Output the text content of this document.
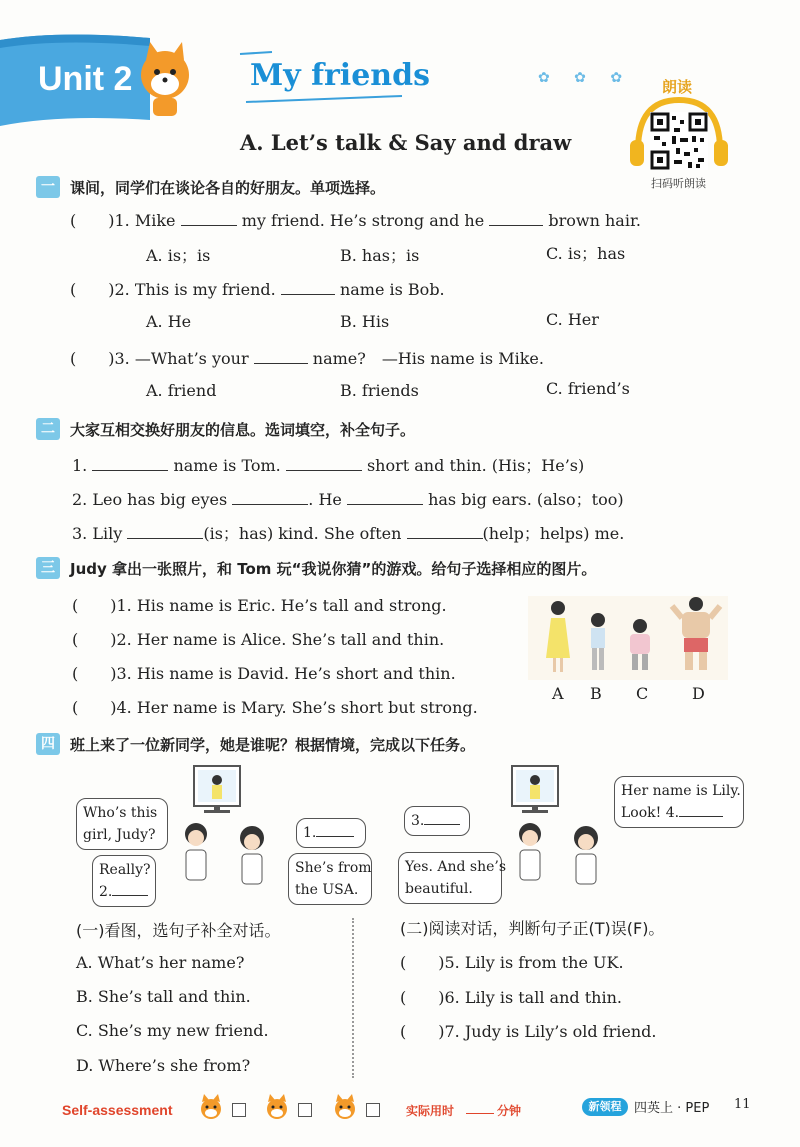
Unit 2	My friends	✿ ✿ ✿
A. Let’s talk & Say and draw
朗读
扫码听朗读
一	课间，同学们在谈论各自的好朋友。单项选择。
(　　)1. Mike	my friend. He’s strong and he	brown hair.
A. is；is	B. has；is	C. is；has
(　　)2. This is my friend.	name is Bob.
A. He	B. His	C. Her
(　　)3. —What’s your	name?　—His name is Mike.
A. friend	B. friends	C. friend’s
二	大家互相交换好朋友的信息。选词填空，补全句子。
1.	name is Tom.	short and thin. (His；He’s)
2. Leo has big eyes	. He	has big ears. (also；too)
3. Lily	(is；has) kind. She often	(help；helps) me.
三	Judy 拿出一张照片，和 Tom 玩“我说你猜”的游戏。给句子选择相应的图片。
(　　)1. His name is Eric. He’s tall and strong.
(　　)2. Her name is Alice. She’s tall and thin.
(　　)3. His name is David. He’s short and thin.
(　　)4. Her name is Mary. She’s short but strong.
A B C	D
四	班上来了一位新同学，她是谁呢？根据情境，完成以下任务。
Who’s this
girl, Judy?	1.
Really?
2.
She’s from
the USA.
3.
Her name is Lily.
Look! 4.
Yes. And she’s
beautiful.
(一)看图，选句子补全对话。
A. What’s her name?
B. She’s tall and thin.
C. She’s my new friend.
D. Where’s she from?
(二)阅读对话，判断句子正(T)误(F)。
(　　)5. Lily is from the UK.
(　　)6. Lily is tall and thin.
(　　)7. Judy is Lily’s old friend.
Self-assessment	实际用时	分钟	新领程 四英上 · PEP 11
